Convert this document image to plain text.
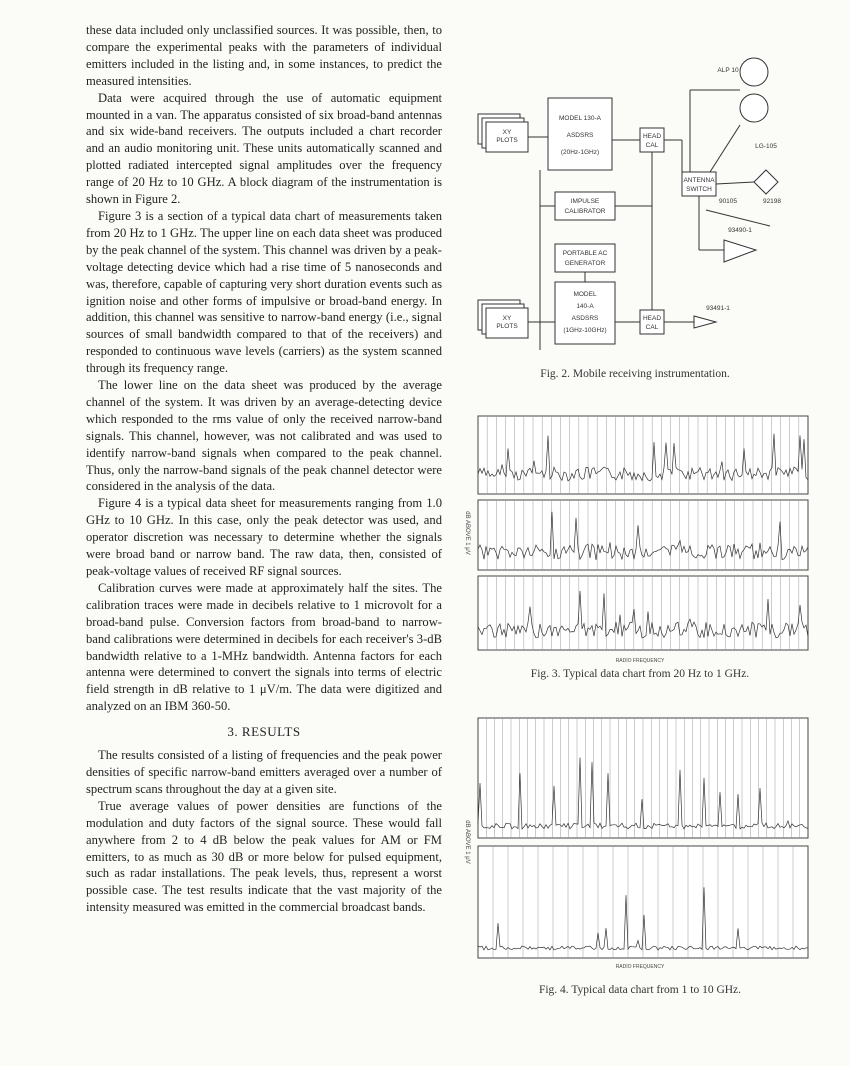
these data included only unclassified sources. It was possible, then, to compare the experimental peaks with the parameters of individual emitters included in the listing and, in some instances, to predict the measured intensities.

Data were acquired through the use of automatic equipment mounted in a van. The apparatus consisted of six broad-band antennas and six wide-band receivers. The outputs included a chart recorder and an audio monitoring unit. These units automatically scanned and plotted radiated intercepted signal amplitudes over the frequency range of 20 Hz to 10 GHz. A block diagram of the instrumentation is shown in Figure 2.

Figure 3 is a section of a typical data chart of measurements taken from 20 Hz to 1 GHz. The upper line on each data sheet was produced by the peak channel of the system. This channel was driven by a peak-voltage detecting device which had a rise time of 5 nanoseconds and was, therefore, capable of capturing very short duration events such as ignition noise and other forms of impulsive or broad-band energy. In addition, this channel was sensitive to narrow-band energy (i.e., signal sources of small bandwidth compared to that of the receivers) and responded to continuous wave levels (carriers) as the system scanned through its frequency range.

The lower line on the data sheet was produced by the average channel of the system. It was driven by an average-detecting device which responded to the rms value of only the received narrow-band signals. This channel, however, was not calibrated and was used to identify narrow-band signals when compared to the peak channel. Thus, only the narrow-band signals of the peak channel detector were considered in the analysis of the data.

Figure 4 is a typical data sheet for measurements ranging from 1.0 GHz to 10 GHz. In this case, only the peak detector was used, and operator discretion was necessary to determine whether the signals were broad band or narrow band. The raw data, then, consisted of peak-voltage values of received RF signal sources.

Calibration curves were made at approximately half the sites. The calibration traces were made in decibels relative to 1 microvolt for a broad-band pulse. Conversion factors from broad-band to narrow-band calibrations were determined in decibels for each receiver's 3-dB bandwidth relative to a 1-MHz bandwidth. Antenna factors for each antenna were determined to convert the signals into terms of electric field strength in dB relative to 1 μV/m. The data were digitized and analyzed on an IBM 360-50.

3. RESULTS

The results consisted of a listing of frequencies and the peak power densities of specific narrow-band emitters averaged over a number of spectrum scans throughout the day at a given site.

True average values of power densities are functions of the modulation and duty factors of the signal source. These would fall anywhere from 2 to 4 dB below the peak values for AM or FM emitters, to as much as 30 dB or more below for pulsed equipment, such as radar installations. The peak levels, thus, represent a worst possible case. The test results indicate that the vast majority of the intensity measured was emitted in the commercial broadcast bands.

XY
PLOTS
MODEL 130-A
ASDSRS
(20Hz-1GHz)
HEAD
CAL
IMPULSE
CALIBRATOR
PORTABLE AC
GENERATOR
MODEL
140-A
ASDSRS
(1GHz-10GHz)
XY
PLOTS
HEAD
CAL
ANTENNA
SWITCH
ALP 10
LG-105
90105	92198
93490-1
93491-1
Fig. 2. Mobile receiving instrumentation.
dB ABOVE 1 μV
RADIO FREQUENCY
Fig. 3. Typical data chart from 20 Hz to 1 GHz.
dB ABOVE 1 μV
RADIO FREQUENCY
Fig. 4. Typical data chart from 1 to 10 GHz.
